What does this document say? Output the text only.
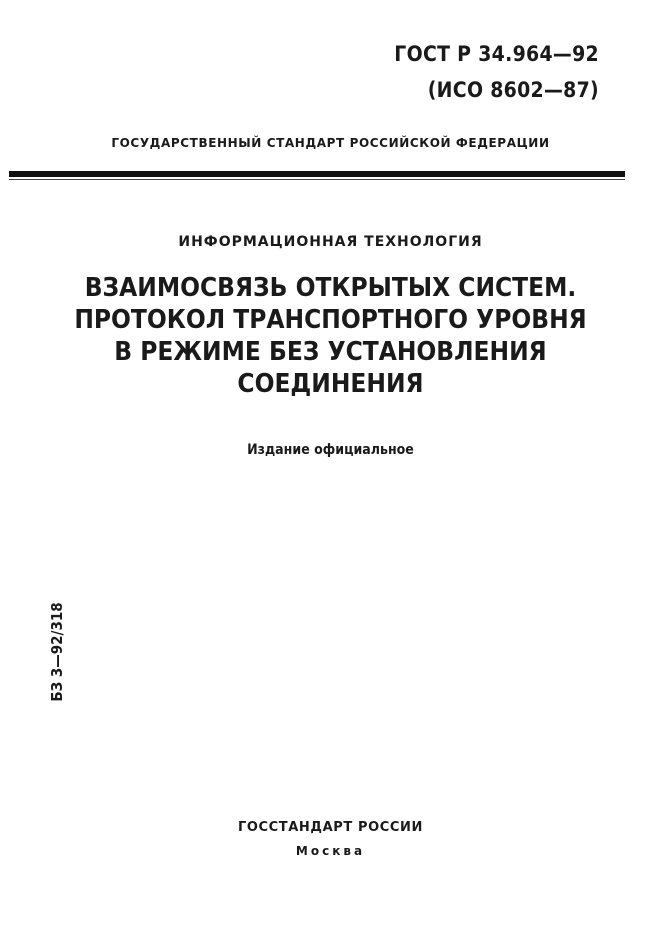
ГОСТ Р 34.964—92
(ИСО 8602—87)
ГОСУДАРСТВЕННЫЙ СТАНДАРТ РОССИЙСКОЙ ФЕДЕРАЦИИ
ИНФОРМАЦИОННАЯ ТЕХНОЛОГИЯ
ВЗАИМОСВЯЗЬ ОТКРЫТЫХ СИСТЕМ.
ПРОТОКОЛ ТРАНСПОРТНОГО УРОВНЯ
В РЕЖИМЕ БЕЗ УСТАНОВЛЕНИЯ
СОЕДИНЕНИЯ
Издание официальное
БЗ 3—92/318
ГОССТАНДАРТ РОССИИ
Москва
